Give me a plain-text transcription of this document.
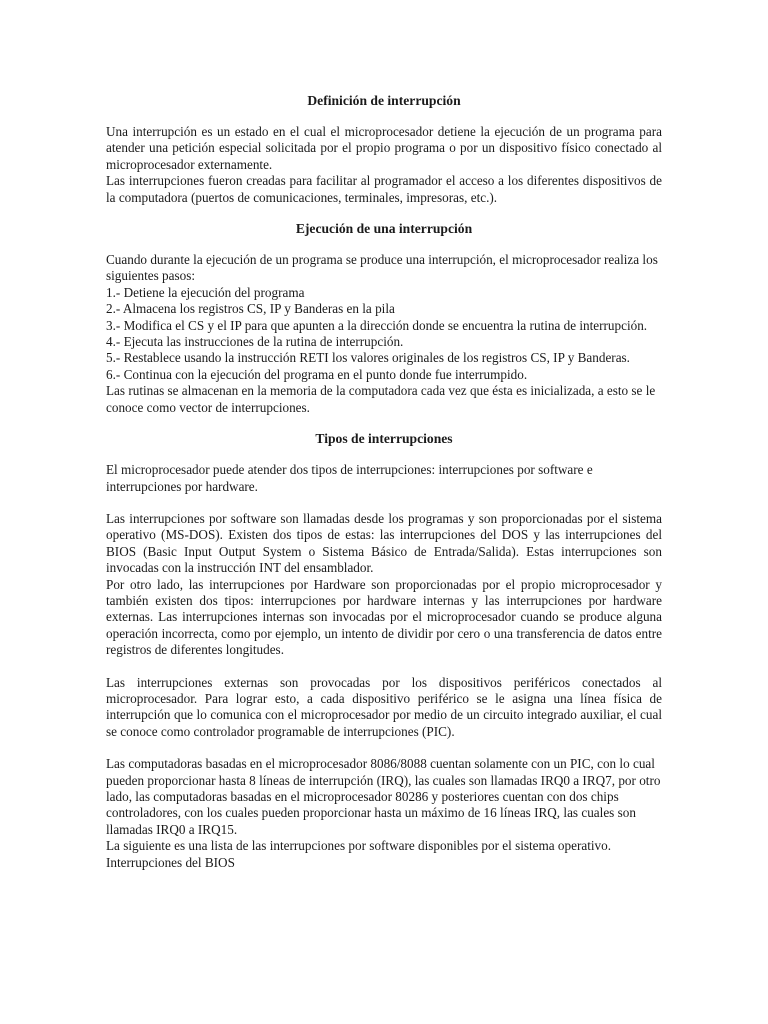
Definición de interrupción

Una interrupción es un estado en el cual el microprocesador detiene la ejecución de un programa para atender una petición especial solicitada por el propio programa o por un dispositivo físico conectado al microprocesador externamente.

Las interrupciones fueron creadas para facilitar al programador el acceso a los diferentes dispositivos de la computadora (puertos de comunicaciones, terminales, impresoras, etc.).

Ejecución de una interrupción

Cuando durante la ejecución de un programa se produce una interrupción, el microprocesador realiza los siguientes pasos:

1.- Detiene la ejecución del programa
2.- Almacena los registros CS, IP y Banderas en la pila
3.- Modifica el CS y el IP para que apunten a la dirección donde se encuentra la rutina de interrupción.
4.- Ejecuta las instrucciones de la rutina de interrupción.
5.- Restablece usando la instrucción RETI los valores originales de los registros CS, IP y Banderas.
6.- Continua con la ejecución del programa en el punto donde fue interrumpido.

Las rutinas se almacenan en la memoria de la computadora cada vez que ésta es inicializada, a esto se le conoce como vector de interrupciones.

Tipos de interrupciones

El microprocesador puede atender dos tipos de interrupciones: interrupciones por software e interrupciones por hardware.

Las interrupciones por software son llamadas desde los programas y son proporcionadas por el sistema operativo (MS-DOS). Existen dos tipos de estas: las interrupciones del DOS y las interrupciones del BIOS (Basic Input Output System o Sistema Básico de Entrada/Salida). Estas interrupciones son invocadas con la instrucción INT del ensamblador.

Por otro lado, las interrupciones por Hardware son proporcionadas por el propio microprocesador y también existen dos tipos: interrupciones por hardware internas y las interrupciones por hardware externas. Las interrupciones internas son invocadas por el microprocesador cuando se produce alguna operación incorrecta, como por ejemplo, un intento de dividir por cero o una transferencia de datos entre registros de diferentes longitudes.

Las interrupciones externas son provocadas por los dispositivos periféricos conectados al microprocesador. Para lograr esto, a cada dispositivo periférico se le asigna una línea física de interrupción que lo comunica con el microprocesador por medio de un circuito integrado auxiliar, el cual se conoce como controlador programable de interrupciones (PIC).

Las computadoras basadas en el microprocesador 8086/8088 cuentan solamente con un PIC, con lo cual pueden proporcionar hasta 8 líneas de interrupción (IRQ), las cuales son llamadas IRQ0 a IRQ7, por otro lado, las computadoras basadas en el microprocesador 80286 y posteriores cuentan con dos chips controladores, con los cuales pueden proporcionar hasta un máximo de 16 líneas IRQ, las cuales son llamadas IRQ0 a IRQ15.

La siguiente es una lista de las interrupciones por software disponibles por el sistema operativo.

Interrupciones del BIOS
